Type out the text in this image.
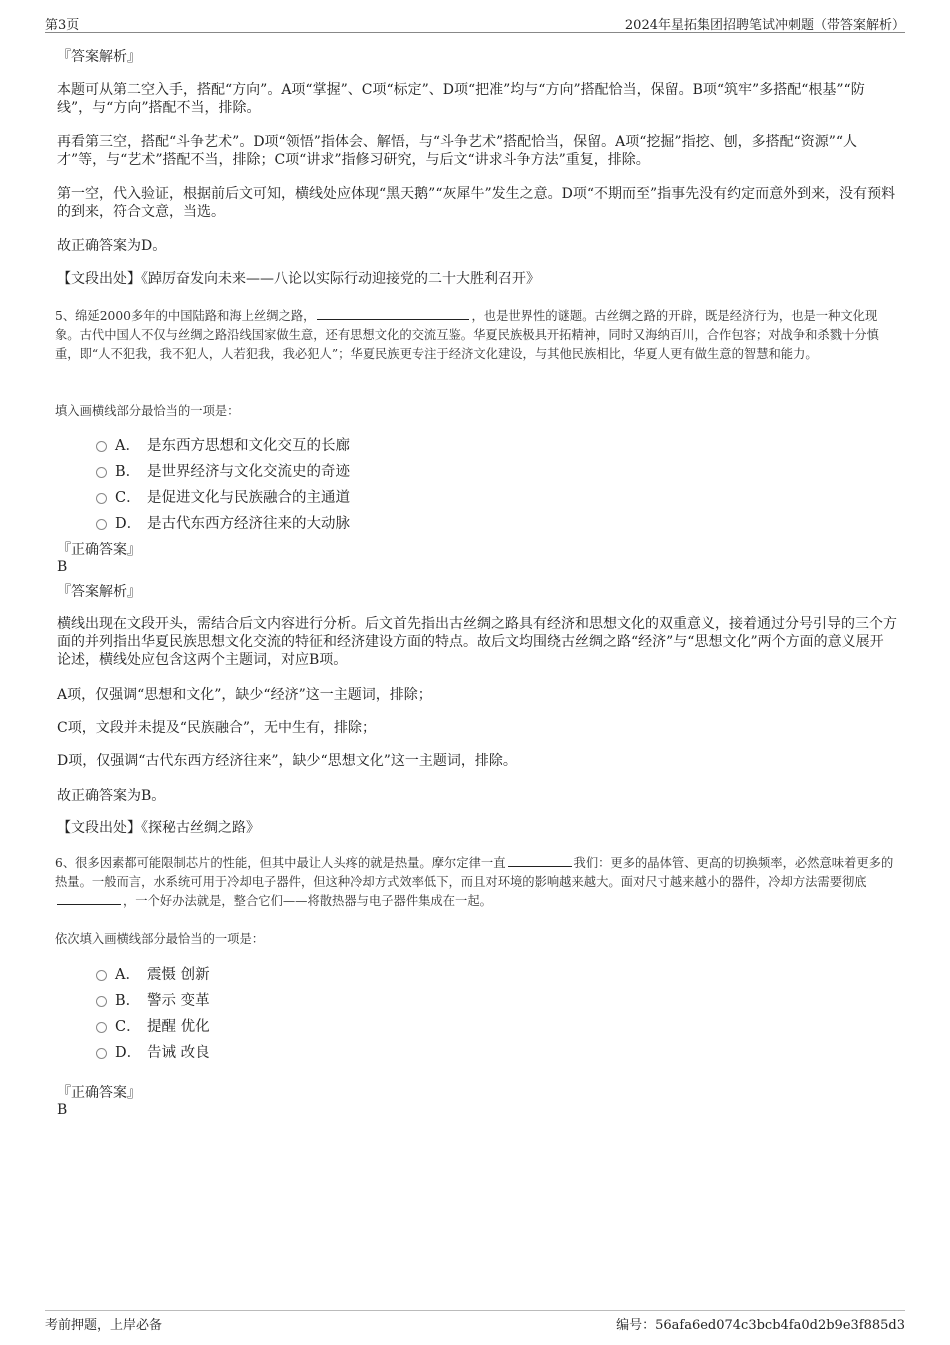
第3页	2024年星拓集团招聘笔试冲刺题（带答案解析）

『答案解析』

本题可从第二空入手，搭配“方向”。A项“掌握”、C项“标定”、D项“把准”均与“方向”搭配恰当，保留。B项“筑牢”多搭配“根基”“防线”，与“方向”搭配不当，排除。

再看第三空，搭配“斗争艺术”。D项“领悟”指体会、解悟，与“斗争艺术”搭配恰当，保留。A项“挖掘”指挖、刨，多搭配“资源”“人才”等，与“艺术”搭配不当，排除；C项“讲求”指修习研究，与后文“讲求斗争方法”重复，排除。

第一空，代入验证，根据前后文可知，横线处应体现“黑天鹅”“灰犀牛”发生之意。D项“不期而至”指事先没有约定而意外到来，没有预料的到来，符合文意，当选。

故正确答案为D。

【文段出处】《踔厉奋发向未来——八论以实际行动迎接党的二十大胜利召开》

5、绵延2000多年的中国陆路和海上丝绸之路，	，也是世界性的谜题。古丝绸之路的开辟，既是经济行为，也是一种文化现象。古代中国人不仅与丝绸之路沿线国家做生意，还有思想文化的交流互鉴。华夏民族极具开拓精神，同时又海纳百川，合作包容；对战争和杀戮十分慎重，即“人不犯我，我不犯人，人若犯我，我必犯人”；华夏民族更专注于经济文化建设，与其他民族相比，华夏人更有做生意的智慧和能力。

填入画横线部分最恰当的一项是：

A． 是东西方思想和文化交互的长廊
B． 是世界经济与文化交流史的奇迹
C． 是促进文化与民族融合的主通道
D． 是古代东西方经济往来的大动脉

『正确答案』

B

『答案解析』

横线出现在文段开头，需结合后文内容进行分析。后文首先指出古丝绸之路具有经济和思想文化的双重意义，接着通过分号引导的三个方面的并列指出华夏民族思想文化交流的特征和经济建设方面的特点。故后文均围绕古丝绸之路“经济”与“思想文化”两个方面的意义展开论述，横线处应包含这两个主题词，对应B项。

A项，仅强调“思想和文化”，缺少“经济”这一主题词，排除；

C项，文段并未提及“民族融合”，无中生有，排除；

D项，仅强调“古代东西方经济往来”，缺少“思想文化”这一主题词，排除。

故正确答案为B。

【文段出处】《探秘古丝绸之路》

6、很多因素都可能限制芯片的性能，但其中最让人头疼的就是热量。摩尔定律一直	我们：更多的晶体管、更高的切换频率，必然意味着更多的热量。一般而言，水系统可用于冷却电子器件，但这种冷却方式效率低下，而且对环境的影响越来越大。面对尺寸越来越小的器件，冷却方法需要彻底，一个好办法就是，整合它们——将散热器与电子器件集成在一起。

依次填入画横线部分最恰当的一项是：

A． 震慑 创新
B． 警示 变革
C． 提醒 优化
D． 告诫 改良

『正确答案』

B
考前押题，上岸必备	编号：56afa6ed074c3bcb4fa0d2b9e3f885d3
